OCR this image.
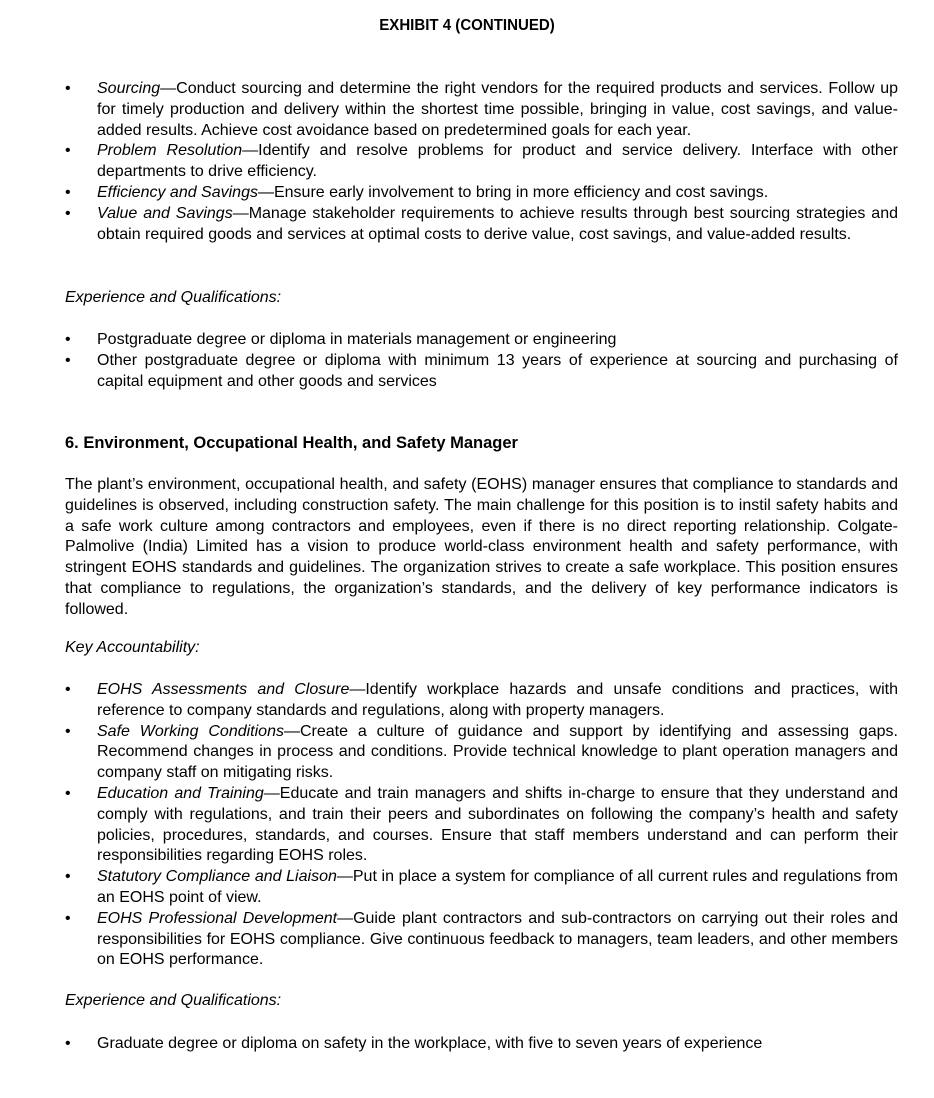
EXHIBIT 4 (CONTINUED)
• Sourcing—Conduct sourcing and determine the right vendors for the required products and services. Follow up for timely production and delivery within the shortest time possible, bringing in value, cost savings, and value-added results. Achieve cost avoidance based on predetermined goals for each year.
• Problem Resolution—Identify and resolve problems for product and service delivery. Interface with other departments to drive efficiency.
• Efficiency and Savings—Ensure early involvement to bring in more efficiency and cost savings.
• Value and Savings—Manage stakeholder requirements to achieve results through best sourcing strategies and obtain required goods and services at optimal costs to derive value, cost savings, and value-added results.
Experience and Qualifications:
• Postgraduate degree or diploma in materials management or engineering
• Other postgraduate degree or diploma with minimum 13 years of experience at sourcing and purchasing of capital equipment and other goods and services
6. Environment, Occupational Health, and Safety Manager
The plant’s environment, occupational health, and safety (EOHS) manager ensures that compliance to standards and guidelines is observed, including construction safety. The main challenge for this position is to instil safety habits and a safe work culture among contractors and employees, even if there is no direct reporting relationship. Colgate-Palmolive (India) Limited has a vision to produce world-class environment health and safety performance, with stringent EOHS standards and guidelines. The organization strives to create a safe workplace. This position ensures that compliance to regulations, the organization’s standards, and the delivery of key performance indicators is followed.
Key Accountability:
• EOHS Assessments and Closure—Identify workplace hazards and unsafe conditions and practices, with reference to company standards and regulations, along with property managers.
• Safe Working Conditions—Create a culture of guidance and support by identifying and assessing gaps. Recommend changes in process and conditions. Provide technical knowledge to plant operation managers and company staff on mitigating risks.
• Education and Training—Educate and train managers and shifts in-charge to ensure that they understand and comply with regulations, and train their peers and subordinates on following the company’s health and safety policies, procedures, standards, and courses. Ensure that staff members understand and can perform their responsibilities regarding EOHS roles.
• Statutory Compliance and Liaison—Put in place a system for compliance of all current rules and regulations from an EOHS point of view.
• EOHS Professional Development—Guide plant contractors and sub-contractors on carrying out their roles and responsibilities for EOHS compliance. Give continuous feedback to managers, team leaders, and other members on EOHS performance.
Experience and Qualifications:
• Graduate degree or diploma on safety in the workplace, with five to seven years of experience
